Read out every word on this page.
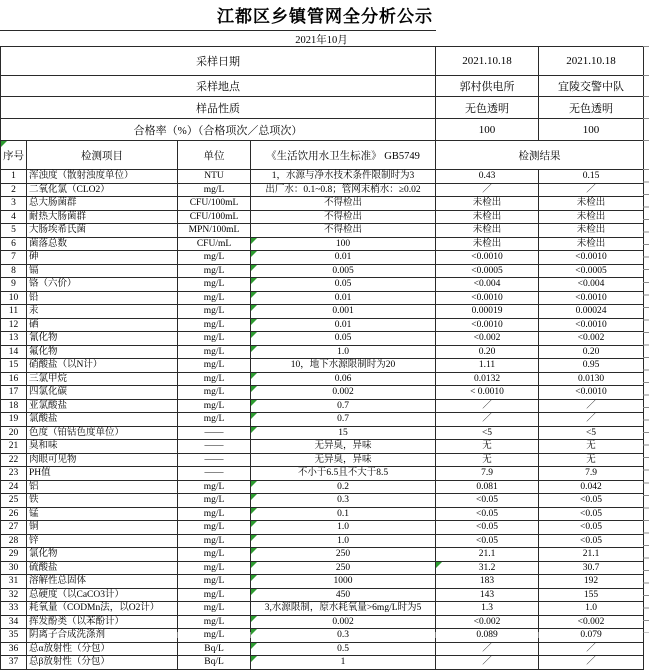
江都区乡镇管网全分析公示
2021年10月
采样日期	2021.10.18	2021.10.18
采样地点	郭村供电所	宜陵交警中队
样品性质	无色透明	无色透明
合格率（%）（合格项次／总项次）	100	100
序号	检测项目	单位	《生活饮用水卫生标准》 GB5749	检测结果	
1	浑浊度（散射浊度单位）	NTU	1，水源与净水技术条件限制时为3	0.43	0.15
2	二氧化氯（CLO2）	mg/L	出厂水：0.1~0.8；管网末梢水：≥0.02	／	／
3	总大肠菌群	CFU/100mL	不得检出	未检出	未检出
4	耐热大肠菌群	CFU/100mL	不得检出	未检出	未检出
5	大肠埃希氏菌	MPN/100mL	不得检出	未检出	未检出
6	菌落总数	CFU/mL	100	未检出	未检出
7	砷	mg/L	0.01	<0.0010	<0.0010
8	镉	mg/L	0.005	<0.0005	<0.0005
9	铬（六价）	mg/L	0.05	<0.004	<0.004
10	铅	mg/L	0.01	<0.0010	<0.0010
11	汞	mg/L	0.001	0.00019	0.00024
12	硒	mg/L	0.01	<0.0010	<0.0010
13	氰化物	mg/L	0.05	<0.002	<0.002
14	氟化物	mg/L	1.0	0.20	0.20
15	硝酸盐（以N计）	mg/L	10，地下水源限制时为20	1.11	0.95
16	三氯甲烷	mg/L	0.06	0.0132	0.0130
17	四氯化碳	mg/L	0.002	< 0.0010	<0.0010
18	亚氯酸盐	mg/L	0.7	／	／
19	氯酸盐	mg/L	0.7	／	／
20	色度（铂钴色度单位）	——	15	<5	<5
21	臭和味	——	无异臭，异味	无	无
22	肉眼可见物	——	无异臭，异味	无	无
23	PH值	——	不小于6.5且不大于8.5	7.9	7.9
24	铝	mg/L	0.2	0.081	0.042
25	铁	mg/L	0.3	<0.05	<0.05
26	锰	mg/L	0.1	<0.05	<0.05
27	铜	mg/L	1.0	<0.05	<0.05
28	锌	mg/L	1.0	<0.05	<0.05
29	氯化物	mg/L	250	21.1	21.1
30	硫酸盐	mg/L	250	31.2	30.7
31	溶解性总固体	mg/L	1000	183	192
32	总硬度（以CaCO3计）	mg/L	450	143	155
33	耗氧量（CODMn法，以O2计）	mg/L	3,水源限制，原水耗氧量>6mg/L时为5	1.3	1.0
34	挥发酚类（以苯酚计）	mg/L	0.002	<0.002	<0.002
35	阴离子合成洗涤剂	mg/L	0.3	0.089	0.079
36	总α放射性（分包）	Bq/L	0.5	／	／
37	总β放射性（分包）	Bq/L	1	／	／
